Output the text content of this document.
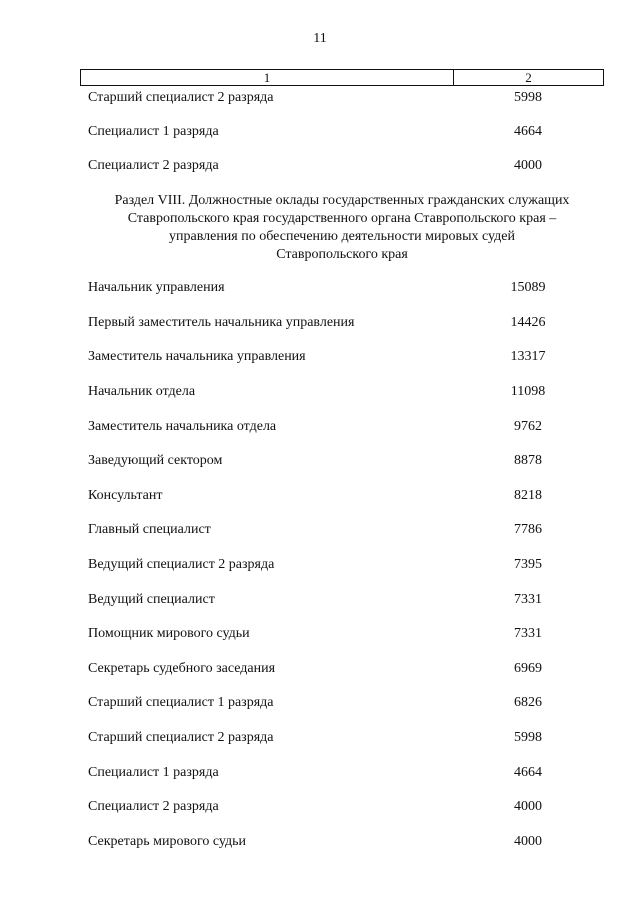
11
1	2
Старший специалист 2 разряда	5998
Специалист 1 разряда	4664
Специалист 2 разряда	4000
Раздел VIII. Должностные оклады государственных гражданских служащих
Ставропольского края государственного органа Ставропольского края –
управления по обеспечению деятельности мировых судей
Ставропольского края
Начальник управления	15089
Первый заместитель начальника управления	14426
Заместитель начальника управления	13317
Начальник отдела	11098
Заместитель начальника отдела	9762
Заведующий сектором	8878
Консультант	8218
Главный специалист	7786
Ведущий специалист 2 разряда	7395
Ведущий специалист	7331
Помощник мирового судьи	7331
Секретарь судебного заседания	6969
Старший специалист 1 разряда	6826
Старший специалист 2 разряда	5998
Специалист 1 разряда	4664
Специалист 2 разряда	4000
Секретарь мирового судьи	4000
